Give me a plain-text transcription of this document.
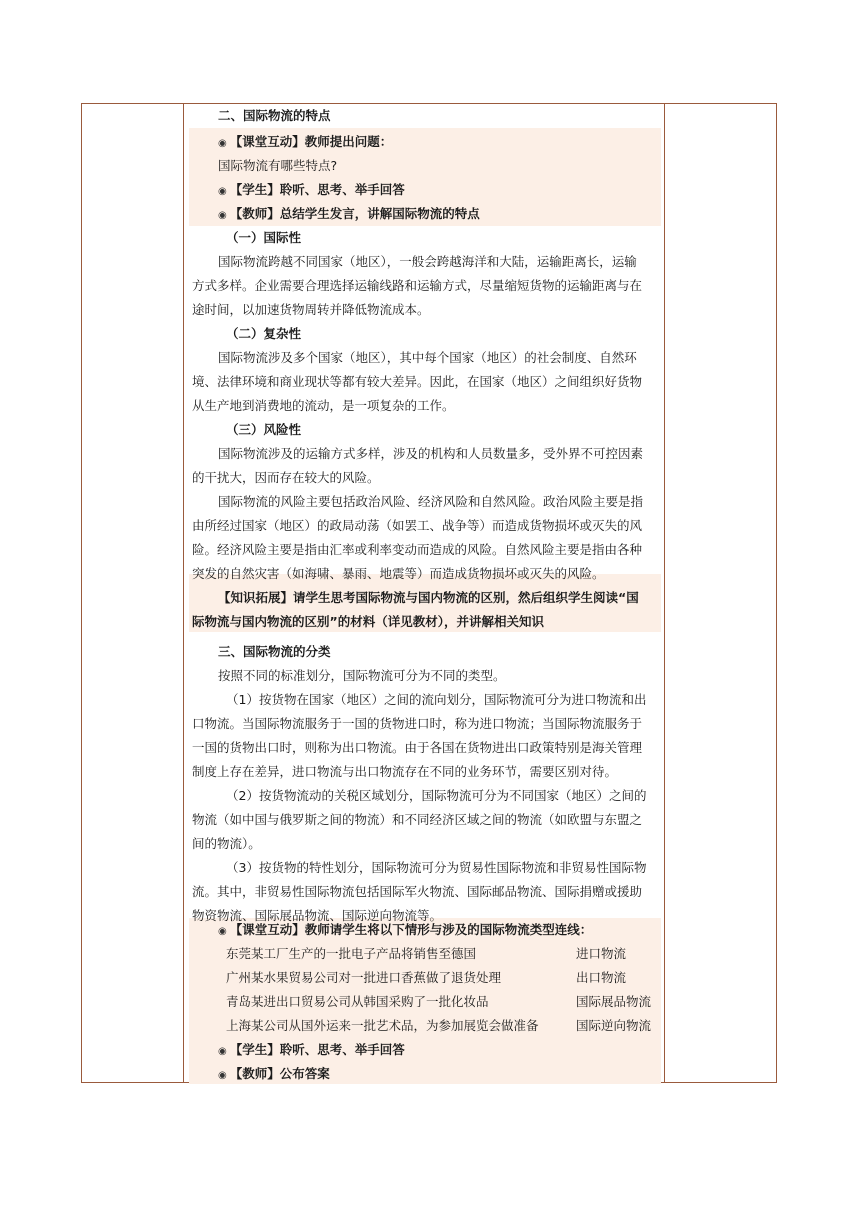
二、国际物流的特点
◉ 【课堂互动】教师提出问题：
国际物流有哪些特点?
◉ 【学生】聆听、思考、举手回答
◉ 【教师】总结学生发言，讲解国际物流的特点
（一）国际性
国际物流跨越不同国家（地区），一般会跨越海洋和大陆，运输距离长，运输
方式多样。企业需要合理选择运输线路和运输方式，尽量缩短货物的运输距离与在
途时间，以加速货物周转并降低物流成本。
（二）复杂性
国际物流涉及多个国家（地区），其中每个国家（地区）的社会制度、自然环
境、法律环境和商业现状等都有较大差异。因此，在国家（地区）之间组织好货物
从生产地到消费地的流动，是一项复杂的工作。
（三）风险性
国际物流涉及的运输方式多样，涉及的机构和人员数量多，受外界不可控因素
的干扰大，因而存在较大的风险。
国际物流的风险主要包括政治风险、经济风险和自然风险。政治风险主要是指
由所经过国家（地区）的政局动荡（如罢工、战争等）而造成货物损坏或灭失的风
险。经济风险主要是指由汇率或利率变动而造成的风险。自然风险主要是指由各种
突发的自然灾害（如海啸、暴雨、地震等）而造成货物损坏或灭失的风险。
【知识拓展】请学生思考国际物流与国内物流的区别，然后组织学生阅读“国
际物流与国内物流的区别”的材料（详见教材），并讲解相关知识
三、国际物流的分类
按照不同的标准划分，国际物流可分为不同的类型。
（1）按货物在国家（地区）之间的流向划分，国际物流可分为进口物流和出
口物流。当国际物流服务于一国的货物进口时，称为进口物流；当国际物流服务于
一国的货物出口时，则称为出口物流。由于各国在货物进出口政策特别是海关管理
制度上存在差异，进口物流与出口物流存在不同的业务环节，需要区别对待。
（2）按货物流动的关税区域划分，国际物流可分为不同国家（地区）之间的
物流（如中国与俄罗斯之间的物流）和不同经济区域之间的物流（如欧盟与东盟之
间的物流）。
（3）按货物的特性划分，国际物流可分为贸易性国际物流和非贸易性国际物
流。其中，非贸易性国际物流包括国际军火物流、国际邮品物流、国际捐赠或援助
物资物流、国际展品物流、国际逆向物流等。
◉ 【课堂互动】教师请学生将以下情形与涉及的国际物流类型连线：
东莞某工厂生产的一批电子产品将销售至德国	进口物流
广州某水果贸易公司对一批进口香蕉做了退货处理	出口物流
青岛某进出口贸易公司从韩国采购了一批化妆品	国际展品物流
上海某公司从国外运来一批艺术品，为参加展览会做准备	国际逆向物流
◉ 【学生】聆听、思考、举手回答
◉ 【教师】公布答案
